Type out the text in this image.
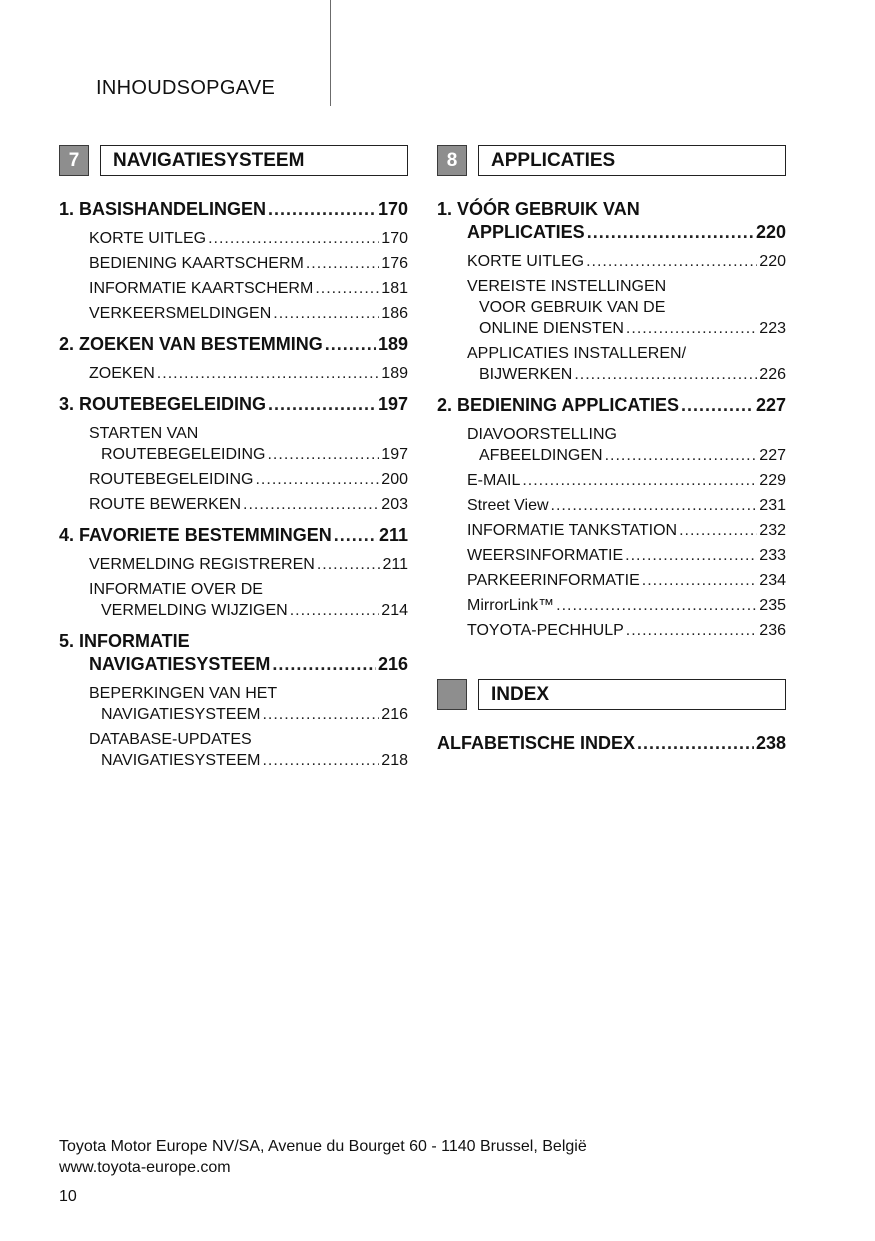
INHOUDSOPGAVE
7	NAVIGATIESYSTEEM
1. BASISHANDELINGEN .....	170
KORTE UITLEG .....	170
BEDIENING KAARTSCHERM .....	176
INFORMATIE KAARTSCHERM .....	181
VERKEERSMELDINGEN .....	186
2. ZOEKEN VAN BESTEMMING .....	189
ZOEKEN .....	189
3. ROUTEBEGELEIDING .....	197
STARTEN VAN
ROUTEBEGELEIDING .....	197
ROUTEBEGELEIDING .....	200
ROUTE BEWERKEN .....	203
4. FAVORIETE BESTEMMINGEN .....	211
VERMELDING REGISTREREN .....	211
INFORMATIE OVER DE
VERMELDING WIJZIGEN .....	214
5. INFORMATIE
NAVIGATIESYSTEEM .....	216
BEPERKINGEN VAN HET
NAVIGATIESYSTEEM .....	216
DATABASE-UPDATES
NAVIGATIESYSTEEM .....	218
8	APPLICATIES
1. VÓÓR GEBRUIK VAN
APPLICATIES .....	220
KORTE UITLEG .....	220
VEREISTE INSTELLINGEN
VOOR GEBRUIK VAN DE
ONLINE DIENSTEN .....	223
APPLICATIES INSTALLEREN/
BIJWERKEN .....	226
2. BEDIENING APPLICATIES .....	227
DIAVOORSTELLING
AFBEELDINGEN .....	227
E-MAIL .....	229
Street View .....	231
INFORMATIE TANKSTATION .....	232
WEERSINFORMATIE .....	233
PARKEERINFORMATIE .....	234
MirrorLink™ .....	235
TOYOTA-PECHHULP .....	236
INDEX
ALFABETISCHE INDEX .....	238
Toyota Motor Europe NV/SA, Avenue du Bourget 60 - 1140 Brussel, België
www.toyota-europe.com
10
